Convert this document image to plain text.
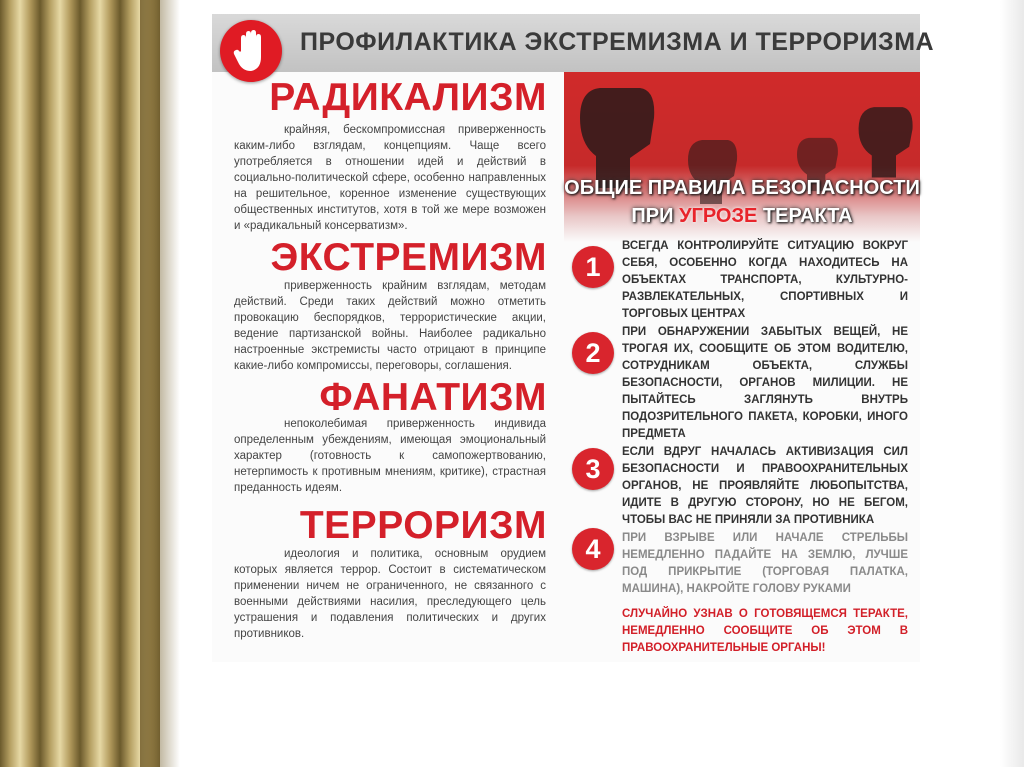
ПРОФИЛАКТИКА ЭКСТРЕМИЗМА И ТЕРРОРИЗМА
РАДИКАЛИЗМ
крайняя, бескомпромиссная приверженность каким-либо взглядам, концепциям. Чаще всего употребляется в отношении идей и действий в социально-политической сфере, особенно направленных на решительное, коренное изменение существующих общественных институтов, хотя в той же мере возможен и «радикальный консерватизм».
ЭКСТРЕМИЗМ
приверженность крайним взглядам, методам действий. Среди таких действий можно отметить провокацию беспорядков, террористические акции, ведение партизанской войны. Наиболее радикально настроенные экстремисты часто отрицают в принципе какие-либо компромиссы, переговоры, соглашения.
ФАНАТИЗМ
непоколебимая приверженность индивида определенным убеждениям, имеющая эмоциональный характер (готовность к самопожертвованию, нетерпимость к противным мнениям, критике), страстная преданность идеям.
ТЕРРОРИЗМ
идеология и политика, основным орудием которых является террор. Состоит в систематическом применении ничем не ограниченного, не связанного с военными действиями насилия, преследующего цель устрашения и подавления политических и других противников.
ОБЩИЕ ПРАВИЛА БЕЗОПАСНОСТИ
ПРИ УГРОЗЕ ТЕРАКТА
1
ВСЕГДА КОНТРОЛИРУЙТЕ СИТУАЦИЮ ВОКРУГ СЕБЯ, ОСОБЕННО КОГДА НАХОДИТЕСЬ НА ОБЪЕКТАХ ТРАНСПОРТА, КУЛЬТУРНО-РАЗВЛЕКАТЕЛЬНЫХ, СПОРТИВНЫХ И ТОРГОВЫХ ЦЕНТРАХ
2
ПРИ ОБНАРУЖЕНИИ ЗАБЫТЫХ ВЕЩЕЙ, НЕ ТРОГАЯ ИХ, СООБЩИТЕ ОБ ЭТОМ ВОДИТЕЛЮ, СОТРУДНИКАМ ОБЪЕКТА, СЛУЖБЫ БЕЗОПАСНОСТИ, ОРГАНОВ МИЛИЦИИ. НЕ ПЫТАЙТЕСЬ ЗАГЛЯНУТЬ ВНУТРЬ ПОДОЗРИТЕЛЬНОГО ПАКЕТА, КОРОБКИ, ИНОГО ПРЕДМЕТА
3
ЕСЛИ ВДРУГ НАЧАЛАСЬ АКТИВИЗАЦИЯ СИЛ БЕЗОПАСНОСТИ И ПРАВООХРАНИТЕЛЬНЫХ ОРГАНОВ, НЕ ПРОЯВЛЯЙТЕ ЛЮБОПЫТСТВА, ИДИТЕ В ДРУГУЮ СТОРОНУ, НО НЕ БЕГОМ, ЧТОБЫ ВАС НЕ ПРИНЯЛИ ЗА ПРОТИВНИКА
4	ПРИ ВЗРЫВЕ ИЛИ НАЧАЛЕ СТРЕЛЬБЫ НЕМЕДЛЕННО ПАДАЙТЕ НА ЗЕМЛЮ, ЛУЧШЕ ПОД ПРИКРЫТИЕ (ТОРГОВАЯ ПАЛАТКА, МАШИНА), НАКРОЙТЕ ГОЛОВУ РУКАМИ
СЛУЧАЙНО УЗНАВ О ГОТОВЯЩЕМСЯ ТЕРАКТЕ, НЕМЕДЛЕННО СООБЩИТЕ ОБ ЭТОМ В ПРАВООХРАНИТЕЛЬНЫЕ ОРГАНЫ!
